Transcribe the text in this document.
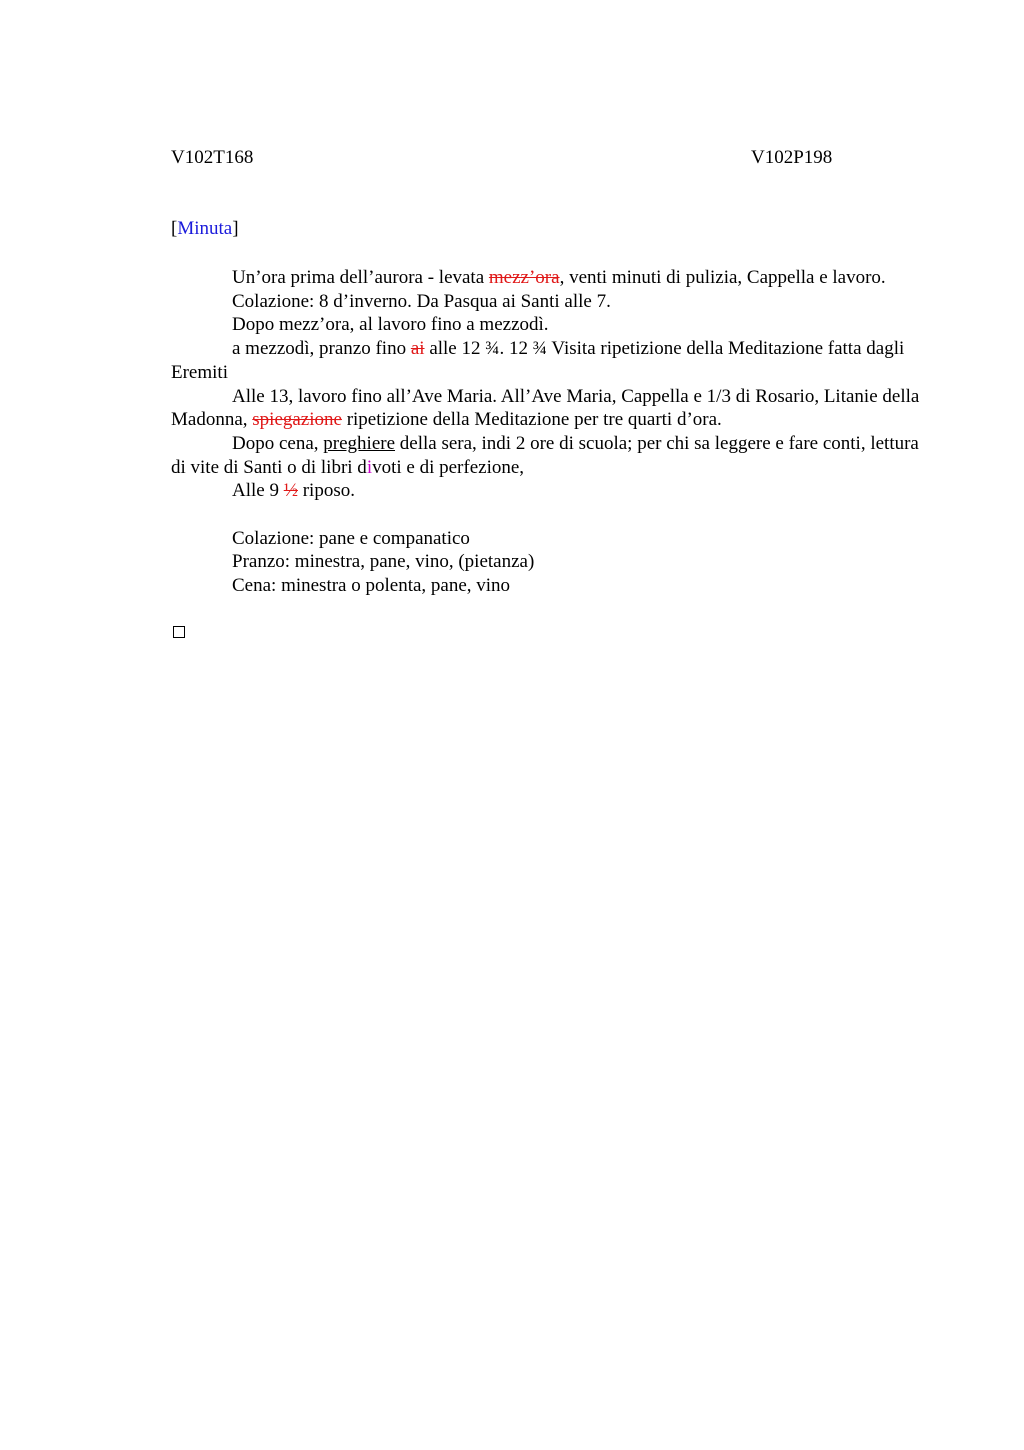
V102T168	V102P198
[Minuta]

Un’ora prima dell’aurora - levata mezz’ora, venti minuti di pulizia, Cappella e lavoro.

Colazione: 8 d’inverno. Da Pasqua ai Santi alle 7.

Dopo mezz’ora, al lavoro fino a mezzodì.

a mezzodì, pranzo fino ai alle 12 ¾. 12 ¾ Visita ripetizione della Meditazione fatta dagli Eremiti

Alle 13, lavoro fino all’Ave Maria. All’Ave Maria, Cappella e 1/3 di Rosario, Litanie della Madonna, spiegazione ripetizione della Meditazione per tre quarti d’ora.

Dopo cena, preghiere della sera, indi 2 ore di scuola; per chi sa leggere e fare conti, lettura di vite di Santi o di libri divoti e di perfezione,

Alle 9 ½ riposo.

Colazione: pane e companatico

Pranzo: minestra, pane, vino, (pietanza)

Cena: minestra o polenta, pane, vino
